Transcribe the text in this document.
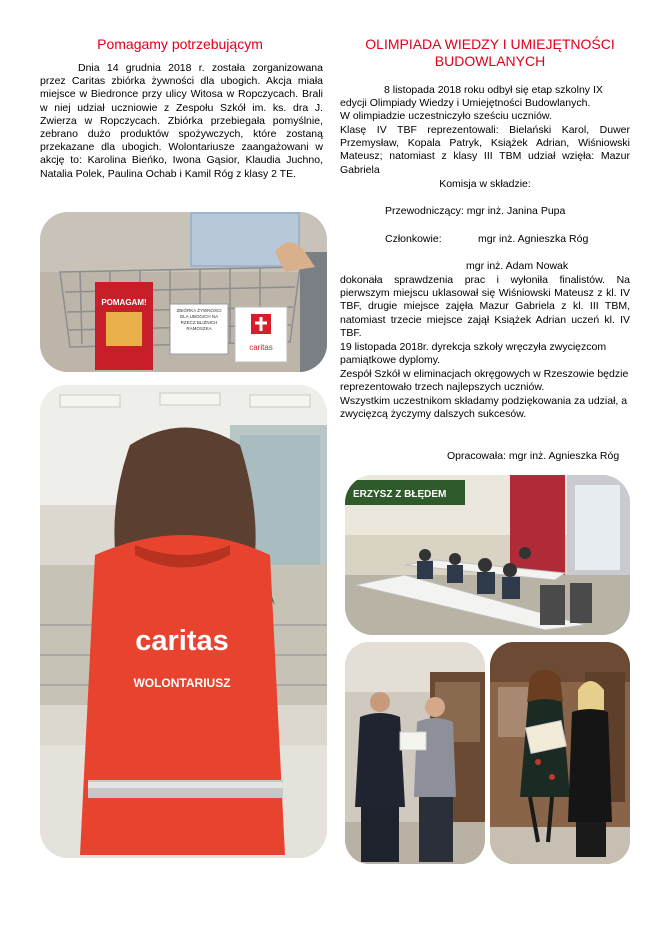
Pomagamy potrzebującym

Dnia 14 grudnia 2018 r. została zorganizowana przez Caritas zbiórka żywności dla ubogich. Akcja miała miejsce w Biedronce przy ulicy Witosa w Ropczycach. Brali w niej udział uczniowie z Zespołu Szkół im. ks. dra J. Zwierza w Ropczycach. Zbiórka przebiegała pomyślnie, zebrano dużo produktów spożywczych, które zostaną przekazane dla ubogich. Wolontariusze zaangażowani w akcję to: Karolina Bieńko, Iwona Gąsior, Klaudia Juchno, Natalia Polek, Paulina Ochab i Kamil Róg z klasy 2 TE.

POMAGAM!
ZBIÓRKA ŻYWNOŚCI DLA UBOGICH NA RZECZ BLIŹNICH RAMOSZKA
caritas
caritas
WOLONTARIUSZ
OLIMPIADA WIEDZY I UMIEJĘTNOŚCI BUDOWLANYCH

8 listopada 2018 roku odbył się etap szkolny IX edycji Olimpiady Wiedzy i Umiejętności Budowlanych.

W olimpiadzie uczestniczyło sześciu uczniów.

Klasę IV TBF reprezentowali: Bielański Karol, Duwer Przemysław, Kopala Patryk, Książek Adrian, Wiśniowski Mateusz; natomiast z klasy III TBM udział wzięła: Mazur Gabriela

Komisja w składzie:

Przewodniczący: mgr inż. Janina Pupa

Członkowie:	mgr inż. Agnieszka Róg

mgr inż. Adam Nowak

dokonała sprawdzenia prac i wyłoniła finalistów. Na pierwszym miejscu uklasował się Wiśniowski Mateusz z kl. IV TBF, drugie miejsce zajęła Mazur Gabriela z kl. III TBM, natomiast trzecie miejsce zajął Książek Adrian uczeń kl. IV TBF.

19 listopada 2018r. dyrekcja szkoły wręczyła zwycięzcom pamiątkowe dyplomy.

Zespół Szkół w eliminacjach okręgowych w Rzeszowie będzie reprezentowało trzech najlepszych uczniów.

Wszystkim uczestnikom składamy podziękowania za udział, a zwycięzcą życzymy dalszych sukcesów.

Opracowała: mgr inż. Agnieszka Róg

ERZYSZ Z BŁĘDEM
